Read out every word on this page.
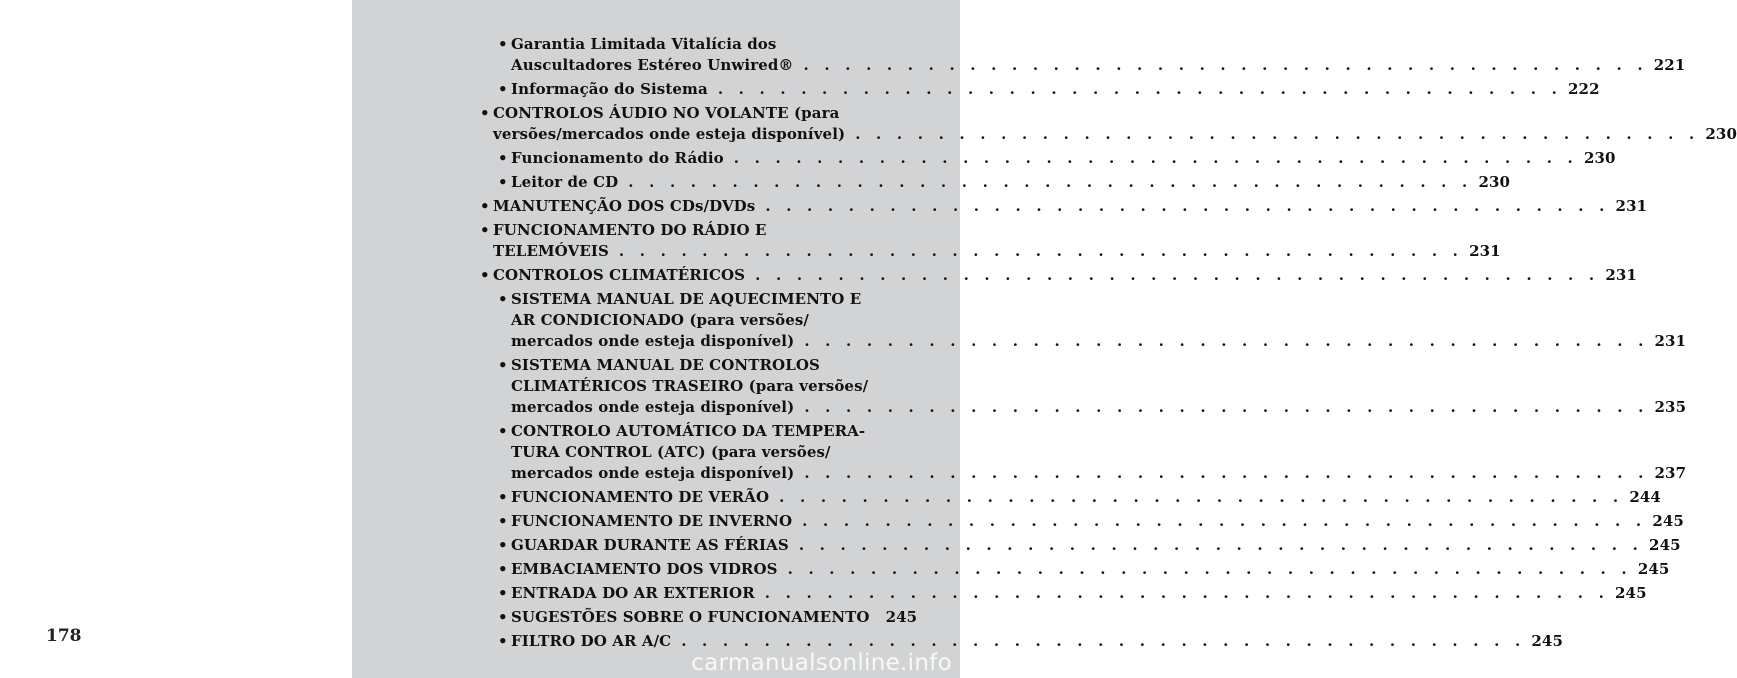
178
• Garantia Limitada Vitalícia dos
Auscultadores Estéreo Unwired® . . . . . . . . . . . . . . . . . . . . . . . . . . . . . . . . . . . . . . . . . 221
• Informação do Sistema . . . . . . . . . . . . . . . . . . . . . . . . . . . . . . . . . . . . . . . . . 222
• CONTROLOS ÁUDIO NO VOLANTE (para
versões/mercados onde esteja disponível) . . . . . . . . . . . . . . . . . . . . . . . . . . . . . . . . . . . . . . . . . 230
• Funcionamento do Rádio . . . . . . . . . . . . . . . . . . . . . . . . . . . . . . . . . . . . . . . . . 230
• Leitor de CD . . . . . . . . . . . . . . . . . . . . . . . . . . . . . . . . . . . . . . . . . 230
• MANUTENÇÃO DOS CDs/DVDs . . . . . . . . . . . . . . . . . . . . . . . . . . . . . . . . . . . . . . . . . 231
• FUNCIONAMENTO DO RÁDIO E
TELEMÓVEIS . . . . . . . . . . . . . . . . . . . . . . . . . . . . . . . . . . . . . . . . . 231
• CONTROLOS CLIMATÉRICOS . . . . . . . . . . . . . . . . . . . . . . . . . . . . . . . . . . . . . . . . . 231
• SISTEMA MANUAL DE AQUECIMENTO E
AR CONDICIONADO (para versões/
mercados onde esteja disponível) . . . . . . . . . . . . . . . . . . . . . . . . . . . . . . . . . . . . . . . . . 231
• SISTEMA MANUAL DE CONTROLOS
CLIMATÉRICOS TRASEIRO (para versões/
mercados onde esteja disponível) . . . . . . . . . . . . . . . . . . . . . . . . . . . . . . . . . . . . . . . . . 235
• CONTROLO AUTOMÁTICO DA TEMPERA-
TURA CONTROL (ATC) (para versões/
mercados onde esteja disponível) . . . . . . . . . . . . . . . . . . . . . . . . . . . . . . . . . . . . . . . . . 237
• FUNCIONAMENTO DE VERÃO . . . . . . . . . . . . . . . . . . . . . . . . . . . . . . . . . . . . . . . . . 244
• FUNCIONAMENTO DE INVERNO . . . . . . . . . . . . . . . . . . . . . . . . . . . . . . . . . . . . . . . . . 245
• GUARDAR DURANTE AS FÉRIAS . . . . . . . . . . . . . . . . . . . . . . . . . . . . . . . . . . . . . . . . . 245
• EMBACIAMENTO DOS VIDROS . . . . . . . . . . . . . . . . . . . . . . . . . . . . . . . . . . . . . . . . . 245
• ENTRADA DO AR EXTERIOR . . . . . . . . . . . . . . . . . . . . . . . . . . . . . . . . . . . . . . . . . 245
• SUGESTÕES SOBRE O FUNCIONAMENTO 245
• FILTRO DO AR A/C . . . . . . . . . . . . . . . . . . . . . . . . . . . . . . . . . . . . . . . . . 245
carmanualsonline.info
